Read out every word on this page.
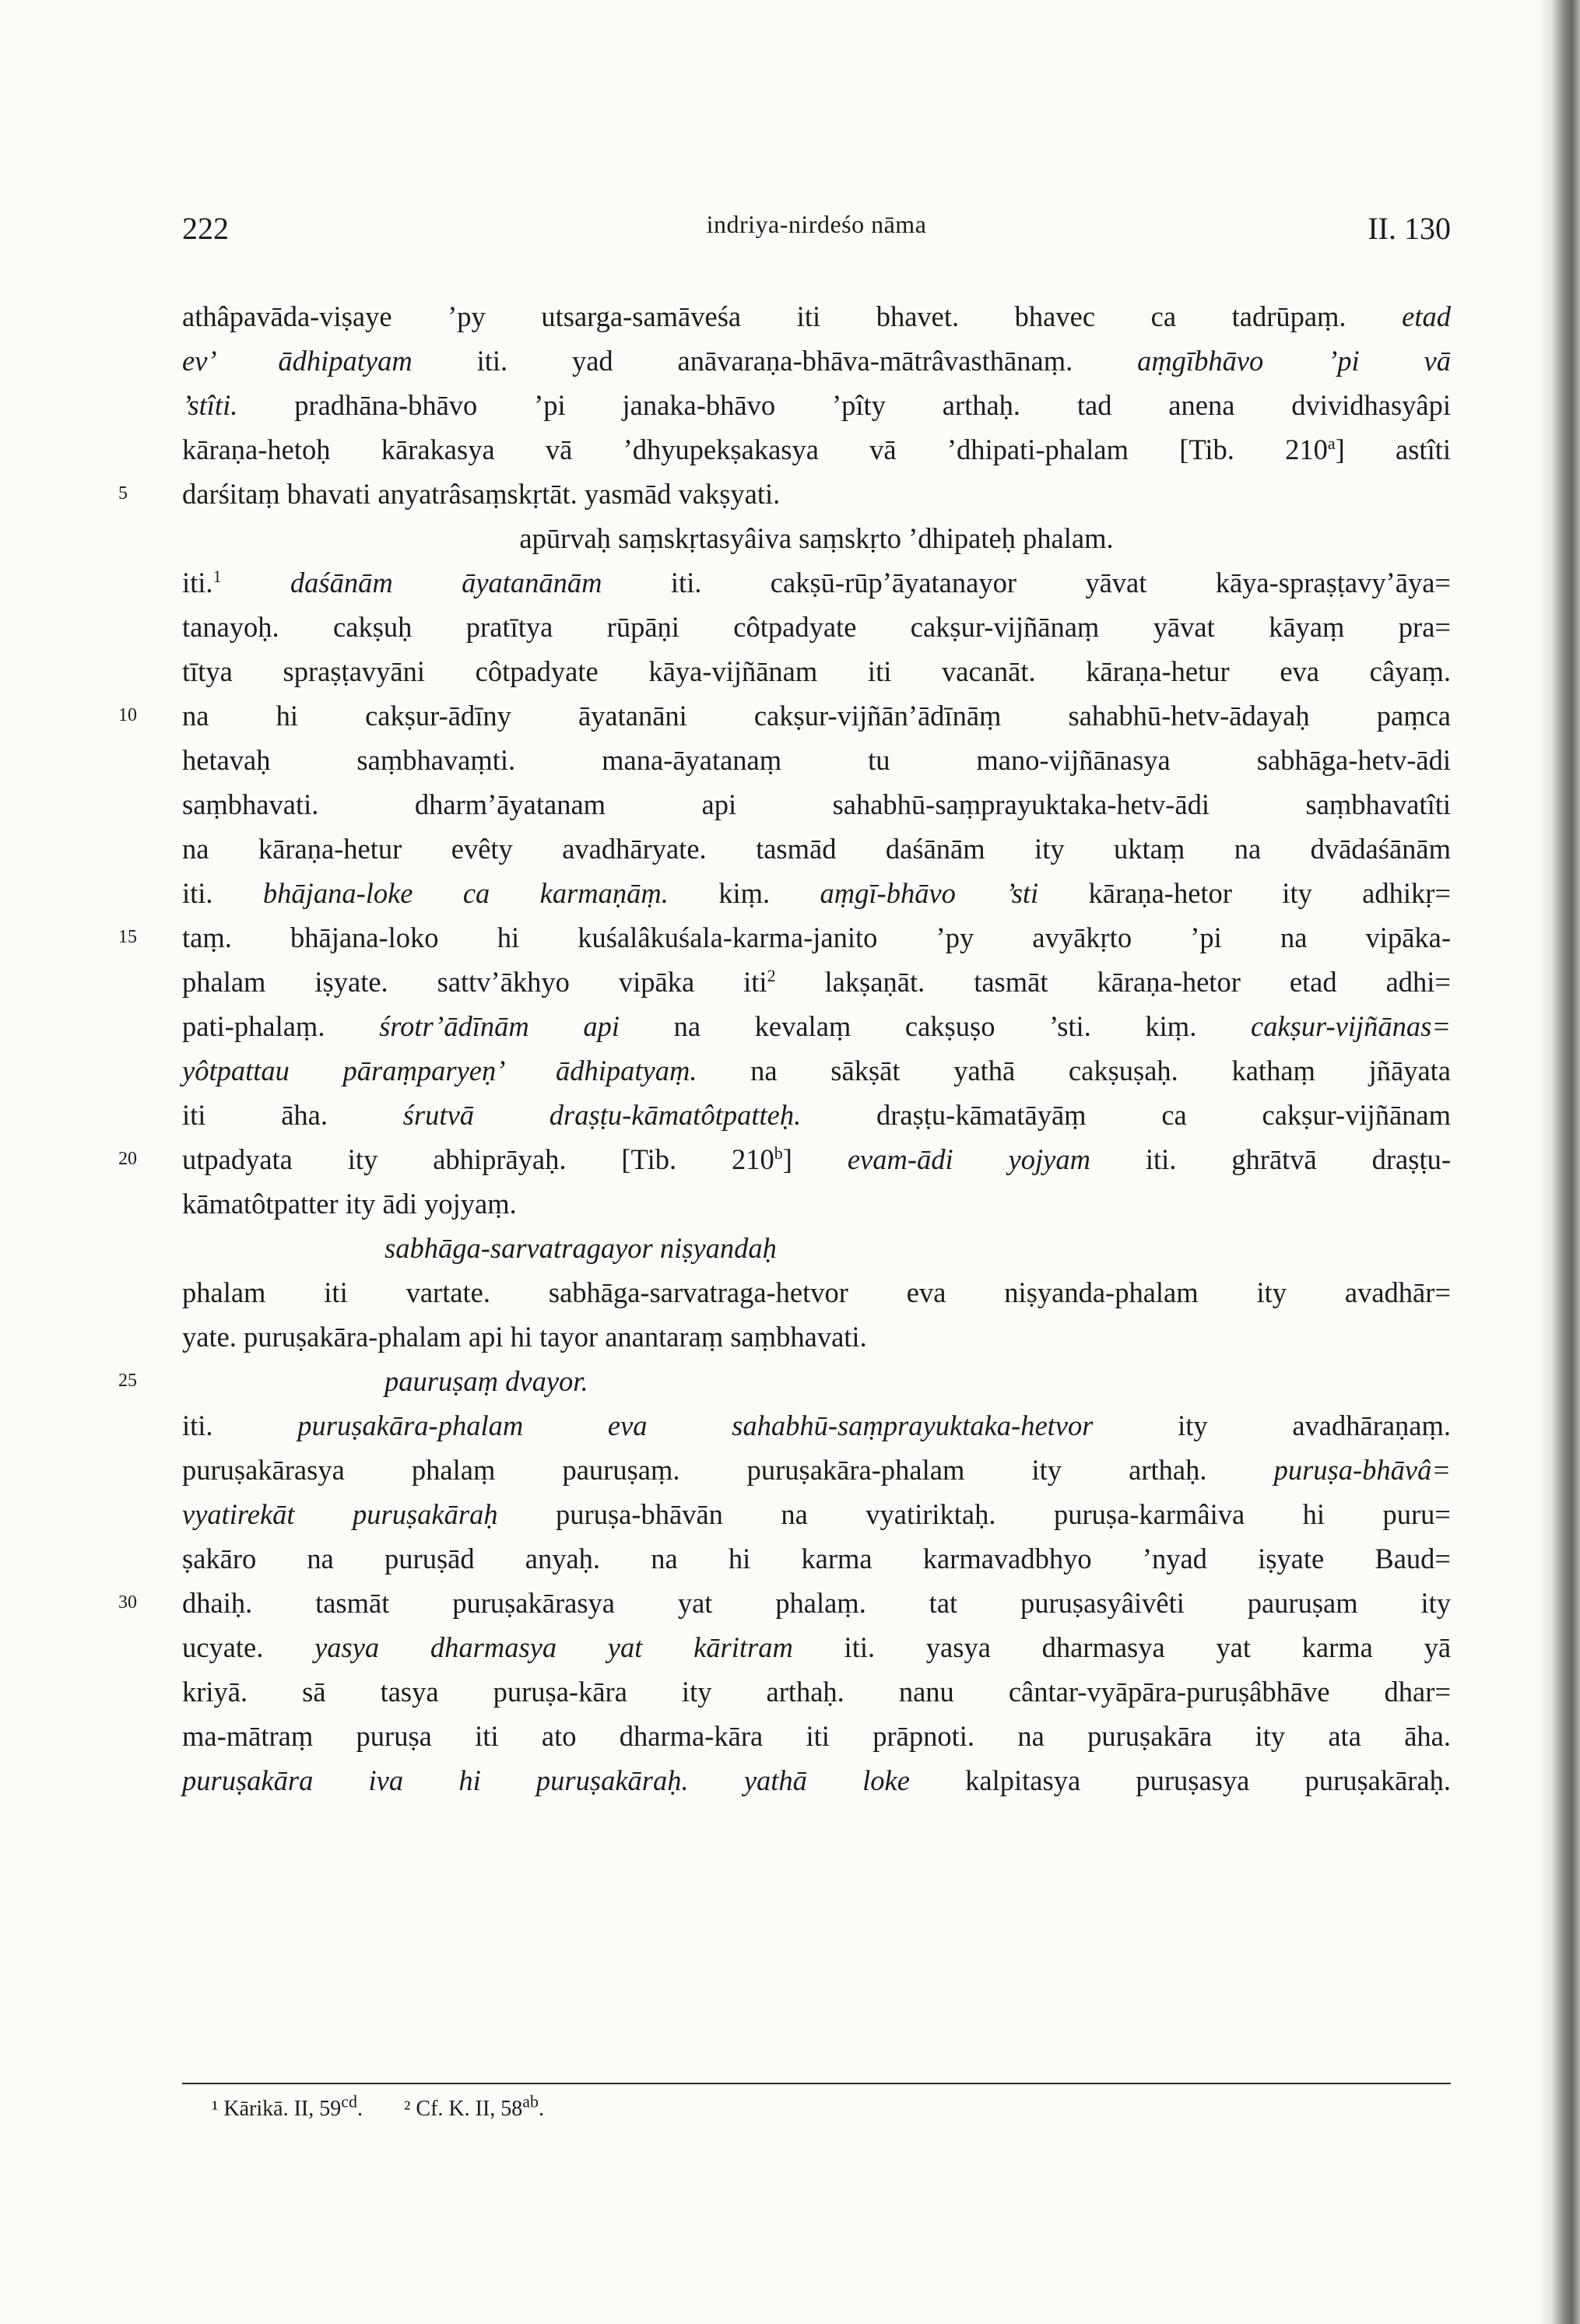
222	indriya-nirdeśo nāma	II. 130
athâpavāda-viṣaye ’py utsarga-samāveśa iti bhavet. bhavec ca tadrūpaṃ. etad
ev’ ādhipatyam iti. yad anāvaraṇa-bhāva-mātrâvasthānaṃ. aṃgībhāvo ’pi vā
’stîti. pradhāna-bhāvo ’pi janaka-bhāvo ’pîty arthaḥ. tad anena dvividhasyâpi
kāraṇa-hetoḥ kārakasya vā ’dhyupekṣakasya vā ’dhipati-phalam [Tib. 210$^a$] astîti
5	darśitaṃ bhavati anyatrâsaṃskṛtāt. yasmād vakṣyati.
apūrvaḥ saṃskṛtasyâiva saṃskṛto ’dhipateḥ phalam.
iti.$^1$ daśānām āyatanānām iti. cakṣū-rūp’āyatanayor yāvat kāya-spraṣṭavy’āya=
tanayoḥ. cakṣuḥ pratītya rūpāṇi côtpadyate cakṣur-vijñānaṃ yāvat kāyaṃ pra=
tītya spraṣṭavyāni côtpadyate kāya-vijñānam iti vacanāt. kāraṇa-hetur eva câyaṃ.
10	na hi cakṣur-ādīny āyatanāni cakṣur-vijñān’ādīnāṃ sahabhū-hetv-ādayaḥ paṃca
hetavaḥ saṃbhavaṃti. mana-āyatanaṃ tu mano-vijñānasya sabhāga-hetv-ādi
saṃbhavati. dharm’āyatanam api sahabhū-saṃprayuktaka-hetv-ādi saṃbhavatîti
na kāraṇa-hetur evêty avadhāryate. tasmād daśānām ity uktaṃ na dvādaśānām
iti. bhājana-loke ca karmaṇāṃ. kiṃ. aṃgī-bhāvo ’sti kāraṇa-hetor ity adhikṛ=
15	taṃ. bhājana-loko hi kuśalâkuśala-karma-janito ’py avyākṛto ’pi na vipāka-
phalam iṣyate. sattv’ākhyo vipāka iti$^2$ lakṣaṇāt. tasmāt kāraṇa-hetor etad adhi=
pati-phalaṃ. śrotr’ādīnām api na kevalaṃ cakṣuṣo ’sti. kiṃ. cakṣur-vijñānas=
yôtpattau pāraṃparyeṇ’ ādhipatyaṃ. na sākṣāt yathā cakṣuṣaḥ. kathaṃ jñāyata
iti āha.	śrutvā draṣṭu-kāmatôtpatteḥ.	draṣṭu-kāmatāyāṃ ca cakṣur-vijñānam
20	utpadyata ity abhiprāyaḥ. [Tib. 210$^b$] evam-ādi yojyam iti. ghrātvā draṣṭu-
kāmatôtpatter ity ādi yojyaṃ.
sabhāga-sarvatragayor niṣyandaḥ
phalam iti vartate. sabhāga-sarvatraga-hetvor eva niṣyanda-phalam ity avadhār=
yate. puruṣakāra-phalam api hi tayor anantaraṃ saṃbhavati.
25	pauruṣaṃ dvayor.
iti.	puruṣakāra-phalam eva sahabhū-saṃprayuktaka-hetvor	ity avadhāraṇaṃ.
puruṣakārasya phalaṃ pauruṣaṃ. puruṣakāra-phalam ity arthaḥ. puruṣa-bhāvâ=
vyatirekāt puruṣakāraḥ puruṣa-bhāvān na vyatiriktaḥ. puruṣa-karmâiva hi puru=
ṣakāro na puruṣād anyaḥ. na hi karma karmavadbhyo ’nyad iṣyate Baud=
30	dhaiḥ. tasmāt puruṣakārasya yat phalaṃ. tat puruṣasyâivêti pauruṣam ity
ucyate. yasya dharmasya yat kāritram iti. yasya dharmasya yat karma yā
kriyā. sā tasya puruṣa-kāra ity arthaḥ. nanu cântar-vyāpāra-puruṣâbhāve dhar=
ma-mātraṃ puruṣa iti ato dharma-kāra iti prāpnoti. na puruṣakāra ity ata āha.
puruṣakāra iva hi puruṣakāraḥ. yathā loke kalpitasya puruṣasya puruṣakāraḥ.
¹ Kārikā. II, $59^{cd}$. ² Cf. K. II, $58^{ab}$.
